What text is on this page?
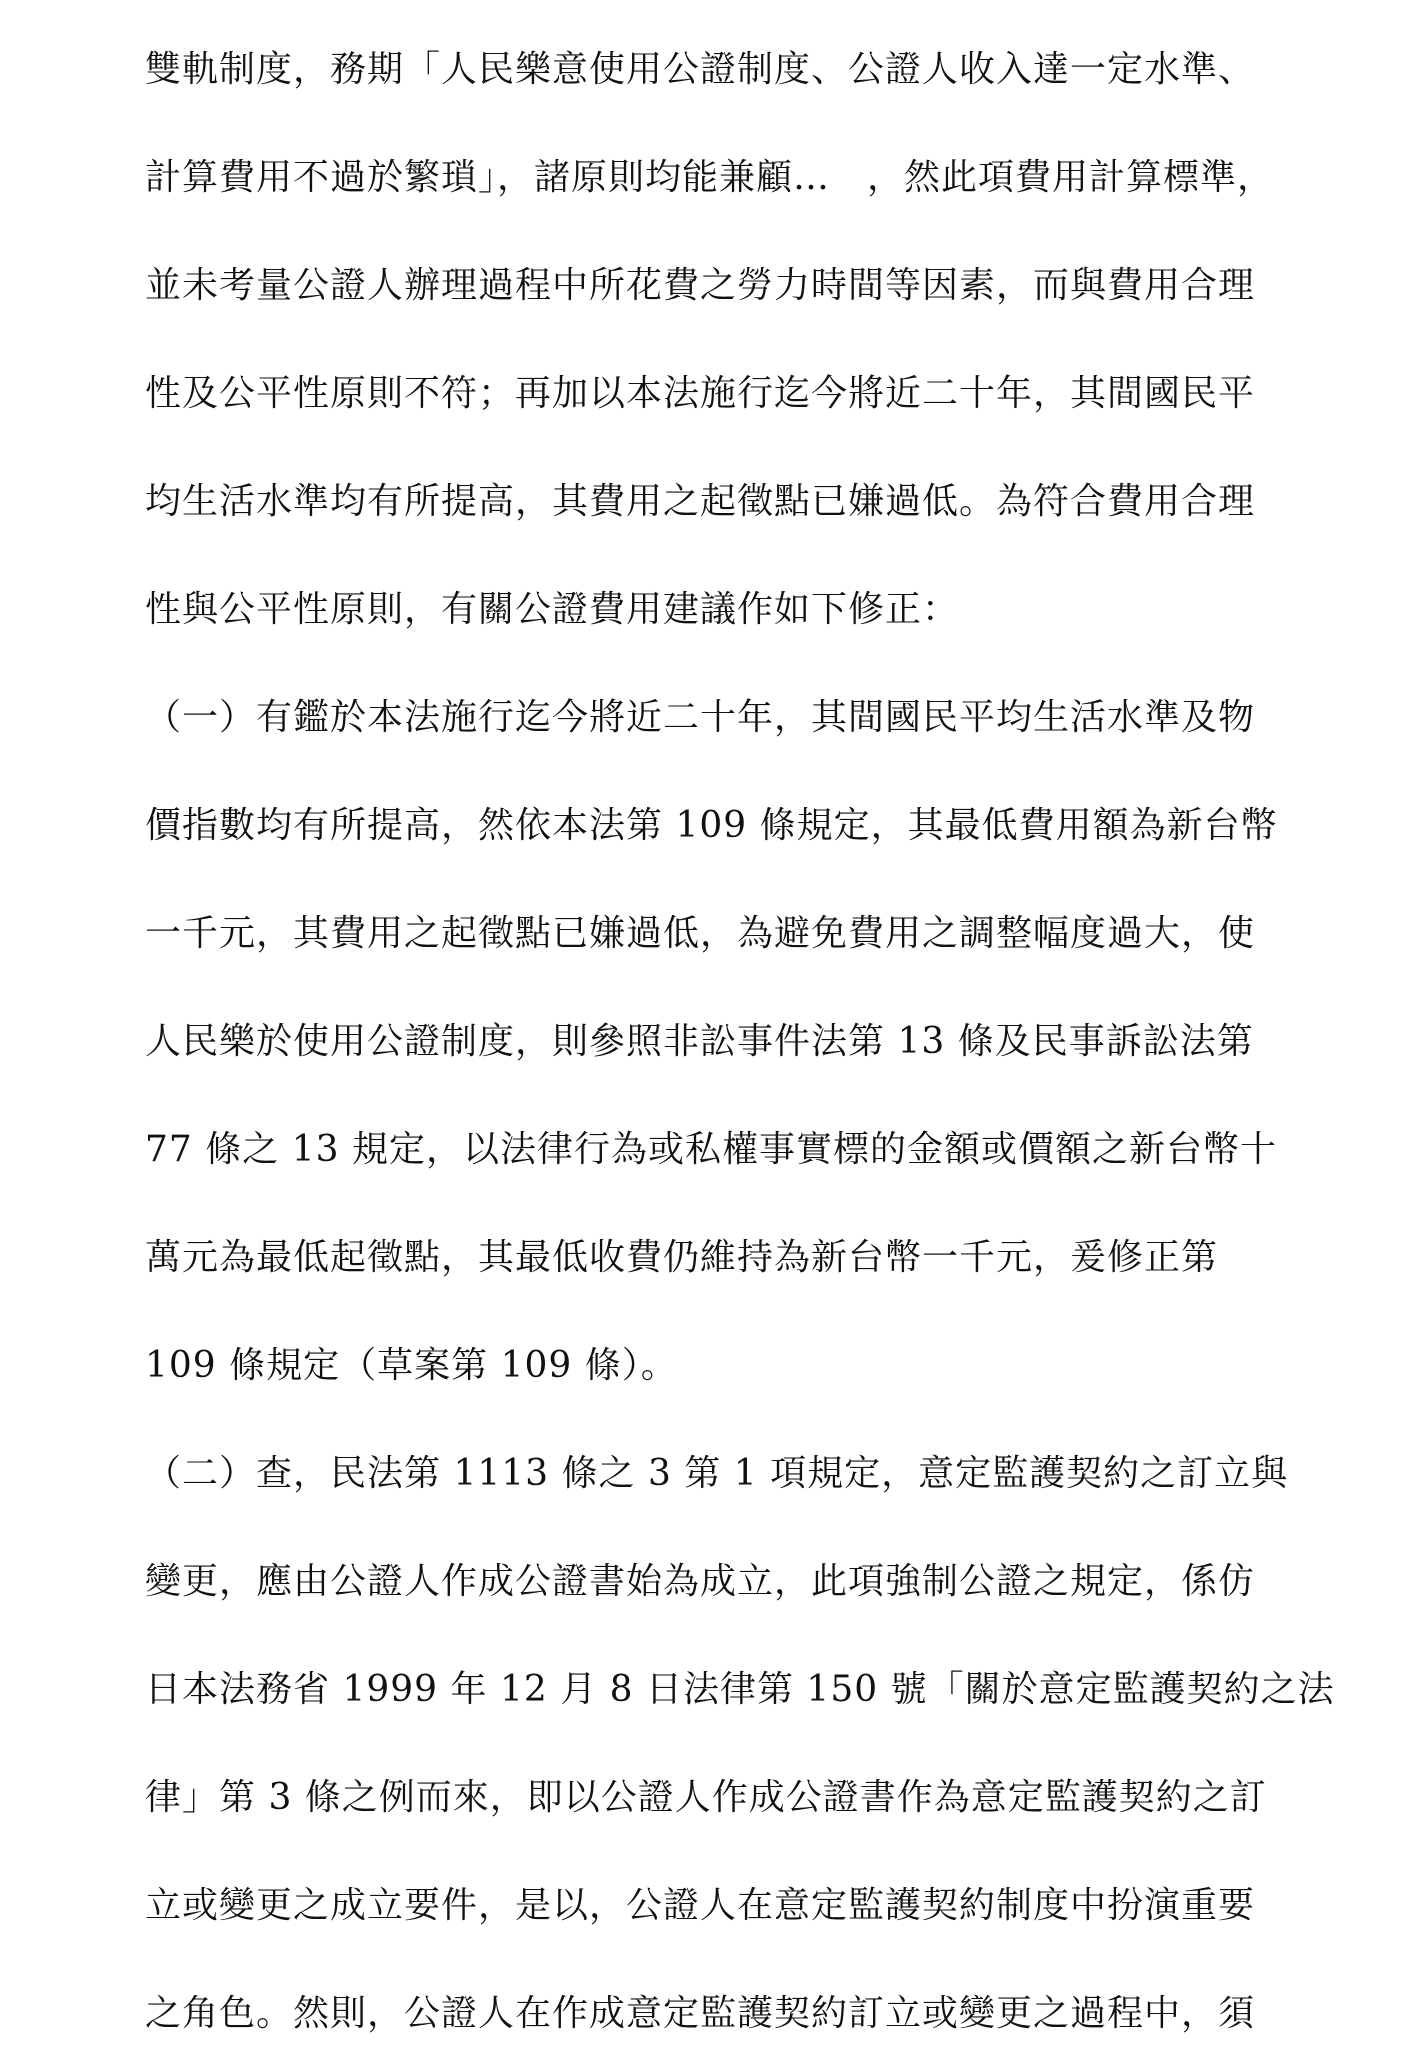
雙軌制度，務期「人民樂意使用公證制度、公證人收入達一定水準、
計算費用不過於繁瑣」，諸原則均能兼顧…　，然此項費用計算標準，
並未考量公證人辦理過程中所花費之勞力時間等因素，而與費用合理
性及公平性原則不符；再加以本法施行迄今將近二十年，其間國民平
均生活水準均有所提高，其費用之起徵點已嫌過低。為符合費用合理
性與公平性原則，有關公證費用建議作如下修正：
（一）有鑑於本法施行迄今將近二十年，其間國民平均生活水準及物
價指數均有所提高，然依本法第 109 條規定，其最低費用額為新台幣
一千元，其費用之起徵點已嫌過低，為避免費用之調整幅度過大，使
人民樂於使用公證制度，則參照非訟事件法第 13 條及民事訴訟法第
77 條之 13 規定，以法律行為或私權事實標的金額或價額之新台幣十
萬元為最低起徵點，其最低收費仍維持為新台幣一千元，爰修正第
109 條規定（草案第 109 條）。
（二）查，民法第 1113 條之 3 第 1 項規定，意定監護契約之訂立與
變更，應由公證人作成公證書始為成立，此項強制公證之規定，係仿
日本法務省 1999 年 12 月 8 日法律第 150 號「關於意定監護契約之法
律」第 3 條之例而來，即以公證人作成公證書作為意定監護契約之訂
立或變更之成立要件，是以，公證人在意定監護契約制度中扮演重要
之角色。然則，公證人在作成意定監護契約訂立或變更之過程中，須
